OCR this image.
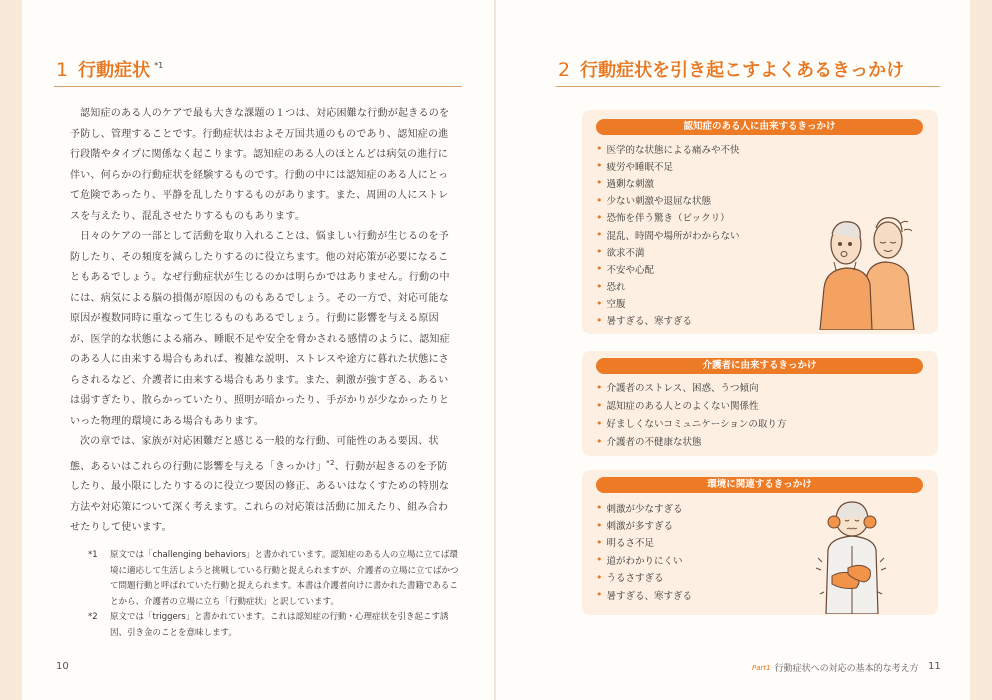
1 行動症状 *1

認知症のある人のケアで最も大きな課題の１つは、対応困難な行動が起きるのを予防し、管理することです。行動症状はおよそ万国共通のものであり、認知症の進行段階やタイプに関係なく起こります。認知症のある人のほとんどは病気の進行に伴い、何らかの行動症状を経験するものです。行動の中には認知症のある人にとって危険であったり、平静を乱したりするものがあります。また、周囲の人にストレスを与えたり、混乱させたりするものもあります。

日々のケアの一部として活動を取り入れることは、悩ましい行動が生じるのを予防したり、その頻度を減らしたりするのに役立ちます。他の対応策が必要になることもあるでしょう。なぜ行動症状が生じるのかは明らかではありません。行動の中には、病気による脳の損傷が原因のものもあるでしょう。その一方で、対応可能な原因が複数同時に重なって生じるものもあるでしょう。行動に影響を与える原因が、医学的な状態による痛み、睡眠不足や安全を脅かされる感情のように、認知症のある人に由来する場合もあれば、複雑な説明、ストレスや途方に暮れた状態にさらされるなど、介護者に由来する場合もあります。また、刺激が強すぎる、あるいは弱すぎたり、散らかっていたり、照明が暗かったり、手がかりが少なかったりといった物理的環境にある場合もあります。

次の章では、家族が対応困難だと感じる一般的な行動、可能性のある要因、状態、あるいはこれらの行動に影響を与える「きっかけ」$^{*2}$、行動が起きるのを予防したり、最小限にしたりするのに役立つ要因の修正、あるいはなくすための特別な方法や対応策について深く考えます。これらの対応策は活動に加えたり、組み合わせたりして使います。

*1	原文では「challenging behaviors」と書かれています。認知症のある人の立場に立てば環境に適応して生活しようと挑戦している行動と捉えられますが、介護者の立場に立てばかつて問題行動と呼ばれていた行動と捉えられます。本書は介護者向けに書かれた書籍であることから、介護者の立場に立ち「行動症状」と訳しています。
*2	原文では「triggers」と書かれています。これは認知症の行動・心理症状を引き起こす誘因、引き金のことを意味します。
10
2 行動症状を引き起こすよくあるきっかけ
認知症のある人に由来するきっかけ
• 医学的な状態による痛みや不快
• 疲労や睡眠不足
• 過剰な刺激
• 少ない刺激や退屈な状態
• 恐怖を伴う驚き（ビックリ）
• 混乱、時間や場所がわからない
• 欲求不満
• 不安や心配
• 恐れ
• 空腹
• 暑すぎる、寒すぎる
介護者に由来するきっかけ
• 介護者のストレス、困惑、うつ傾向
• 認知症のある人とのよくない関係性
• 好ましくないコミュニケーションの取り方
• 介護者の不健康な状態
環境に関連するきっかけ
• 刺激が少なすぎる
• 刺激が多すぎる
• 明るさ不足
• 道がわかりにくい
• うるさすぎる
• 暑すぎる、寒すぎる
Part1 行動症状への対応の基本的な考え方 11
